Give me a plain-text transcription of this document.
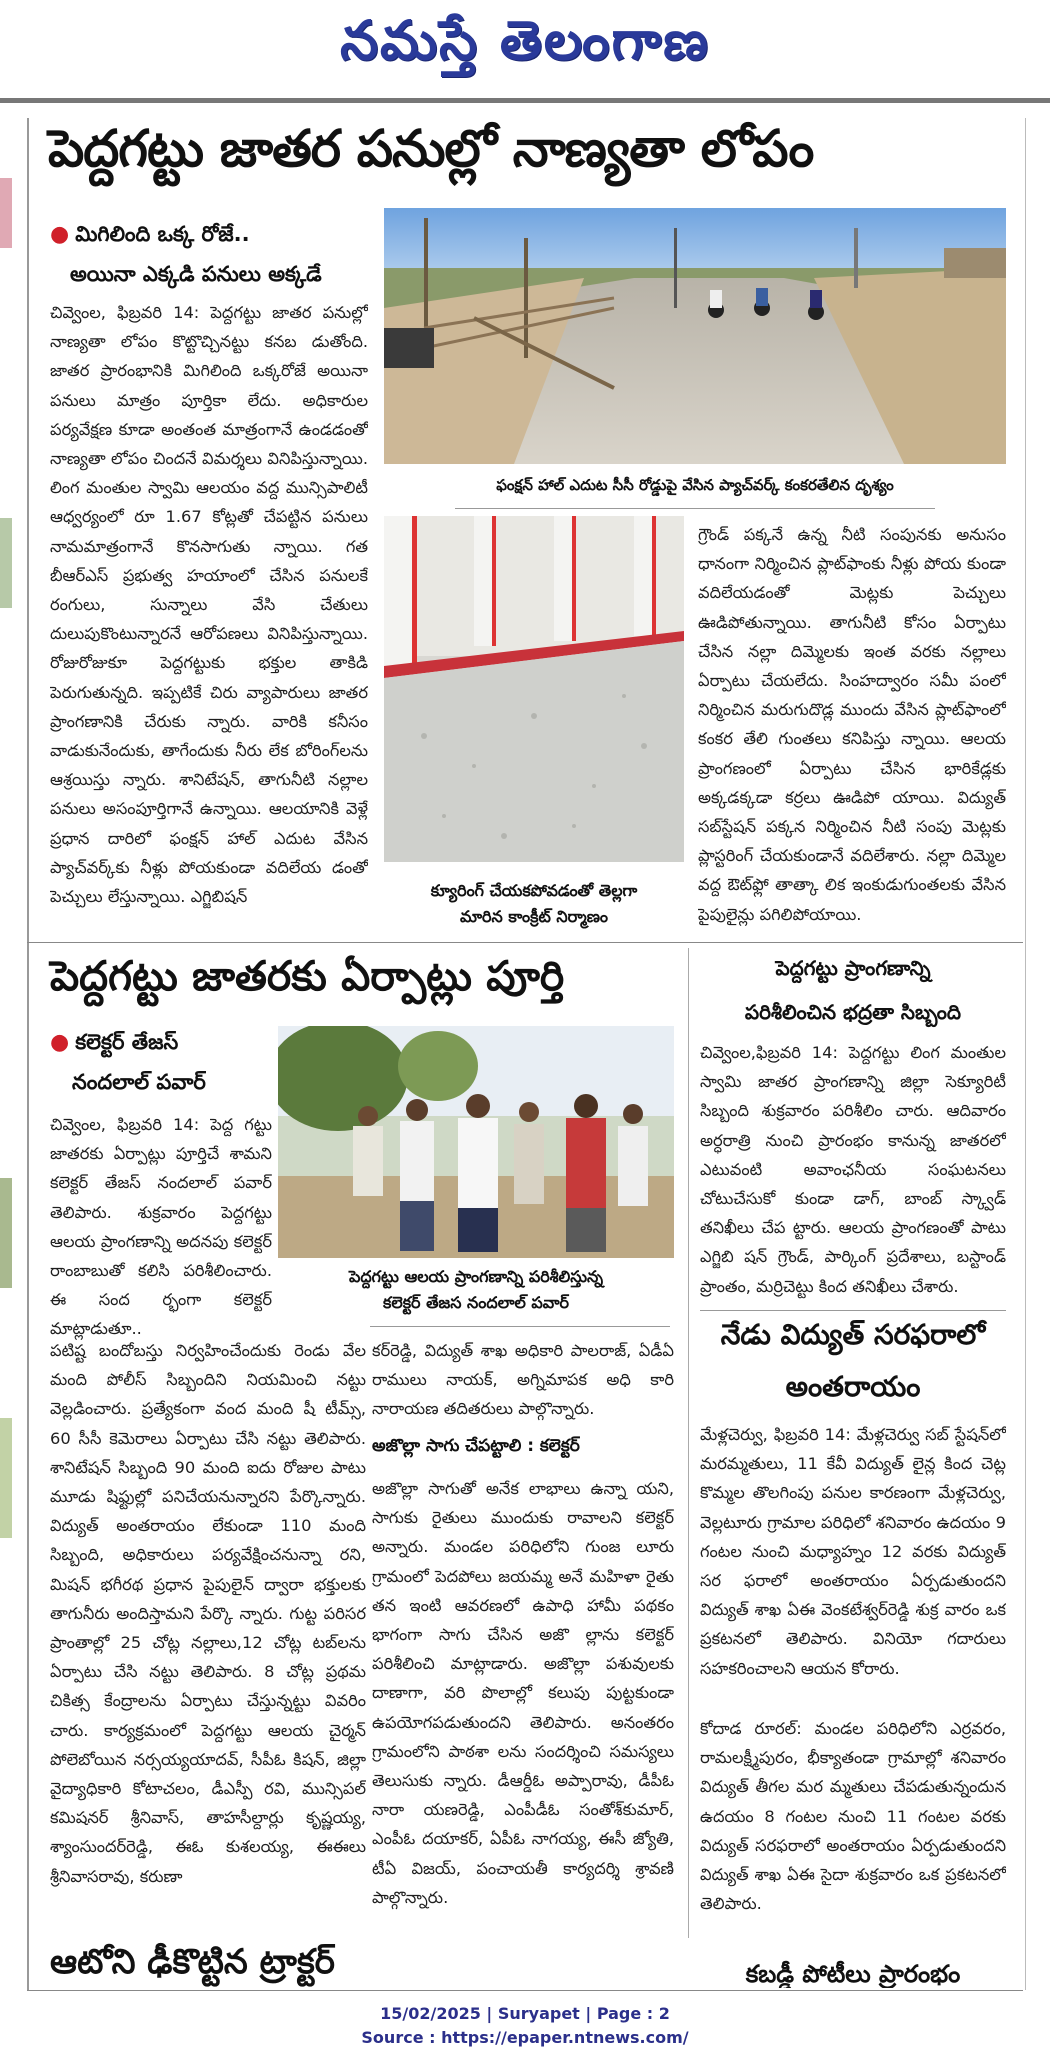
నమస్తే తెలంగాణ
పెద్దగట్టు జాతర పనుల్లో నాణ్యతా లోపం
● మిగిలింది ఒక్క రోజే..
అయినా ఎక్కడి పనులు అక్కడే
చివ్వెంల, ఫిబ్రవరి 14: పెద్దగట్టు జాతర పనుల్లో నాణ్యతా లోపం కొట్టొచ్చినట్టు కనబ డుతోంది. జాతర ప్రారంభానికి మిగిలింది ఒక్కరోజే అయినా పనులు మాత్రం పూర్తికా లేదు. అధికారుల పర్యవేక్షణ కూడా అంతంత మాత్రంగానే ఉండడంతో నాణ్యతా లోపం చిందనే విమర్శలు వినిపిస్తున్నాయి. లింగ మంతుల స్వామి ఆలయం వద్ద మున్సిపాలిటీ ఆధ్వర్యంలో రూ 1.67 కోట్లతో చేపట్టిన పనులు నామమాత్రంగానే కొనసాగుతు న్నాయి. గత బీఆర్ఎస్ ప్రభుత్వ హయాంలో చేసిన పనులకే రంగులు, సున్నాలు వేసి చేతులు దులుపుకొంటున్నారనే ఆరోపణలు వినిపిస్తున్నాయి. రోజురోజుకూ పెద్దగట్టుకు భక్తుల తాకిడి పెరుగుతున్నది. ఇప్పటికే చిరు వ్యాపారులు జాతర ప్రాంగణానికి చేరుకు న్నారు. వారికి కనీసం వాడుకునేందుకు, తాగేందుకు నీరు లేక బోరింగ్‌లను ఆశ్రయిస్తు న్నారు. శానిటేషన్, తాగునీటి నల్లాల పనులు అసంపూర్తిగానే ఉన్నాయి. ఆలయానికి వెళ్లే ప్రధాన దారిలో ఫంక్షన్ హాల్ ఎదుట వేసిన ప్యాచ్‌వర్క్‌కు నీళ్లు పోయకుండా వదిలేయ డంతో పెచ్చులు లేస్తున్నాయి. ఎగ్జిబిషన్
ఫంక్షన్ హాల్ ఎదుట సీసీ రోడ్డుపై వేసిన ప్యాచ్‌వర్క్ కంకరతేలిన దృశ్యం
క్యూరింగ్ చేయకపోవడంతో తెల్లగా
మారిన కాంక్రీట్ నిర్మాణం
గ్రౌండ్ పక్కనే ఉన్న నీటి సంపునకు అనుసం ధానంగా నిర్మించిన ప్లాట్‌ఫాంకు నీళ్లు పోయ కుండా వదిలేయడంతో మెట్లకు పెచ్చులు ఊడిపోతున్నాయి. తాగునీటి కోసం ఏర్పాటు చేసిన నల్లా దిమ్మెలకు ఇంత వరకు నల్లాలు ఏర్పాటు చేయలేదు. సింహద్వారం సమీ పంలో నిర్మించిన మరుగుదొడ్ల ముందు వేసిన ప్లాట్‌ఫాంలో కంకర తేలి గుంతలు కనిపిస్తు న్నాయి. ఆలయ ప్రాంగణంలో ఏర్పాటు చేసిన భారికేడ్లకు అక్కడక్కడా కర్రలు ఊడిపో యాయి. విద్యుత్ సబ్‌స్టేషన్ పక్కన నిర్మించిన నీటి సంపు మెట్లకు ప్లాస్టరింగ్ చేయకుండానే వదిలేశారు. నల్లా దిమ్మెల వద్ద ఔట్‌ఫ్లో తాత్కా లిక ఇంకుడుగుంతలకు వేసిన పైపులైన్లు పగిలిపోయాయి.
పెద్దగట్టు జాతరకు ఏర్పాట్లు పూర్తి
● కలెక్టర్ తేజస్
నందలాల్ పవార్
చివ్వెంల, ఫిబ్రవరి 14: పెద్ద గట్టు జాతరకు ఏర్పాట్లు పూర్తిచే శామని కలెక్టర్ తేజస్ నందలాల్ పవార్ తెలిపారు. శుక్రవారం పెద్దగట్టు ఆలయ ప్రాంగణాన్ని అదనపు కలెక్టర్ రాంబాబుతో కలిసి పరిశీలించారు. ఈ సంద ర్భంగా కలెక్టర్ మాట్లాడుతూ..
పెద్దగట్టు ఆలయ ప్రాంగణాన్ని పరిశీలిస్తున్న
కలెక్టర్ తేజస నందలాల్ పవార్
పటిష్ట బందోబస్తు నిర్వహించేందుకు రెండు వేల మంది పోలీస్ సిబ్బందిని నియమించి నట్టు వెల్లడించారు. ప్రత్యేకంగా వంద మంది షీ టీమ్స్, 60 సీసీ కెమెరాలు ఏర్పాటు చేసి నట్టు తెలిపారు. శానిటేషన్ సిబ్బంది 90 మంది ఐదు రోజుల పాటు మూడు షిఫ్టుల్లో పనిచేయనున్నారని పేర్కొన్నారు. విద్యుత్ అంతరాయం లేకుండా 110 మంది సిబ్బంది, అధికారులు పర్యవేక్షించనున్నా రని, మిషన్ భగీరథ ప్రధాన పైపులైన్ ద్వారా భక్తులకు తాగునీరు అందిస్తామని పేర్కొ న్నారు. గుట్ట పరిసర ప్రాంతాల్లో 25 చోట్ల నల్లాలు,12 చోట్ల టబ్‌లను ఏర్పాటు చేసి నట్టు తెలిపారు. 8 చోట్ల ప్రథమ చికిత్స కేంద్రాలను ఏర్పాటు చేస్తున్నట్టు వివరిం చారు. కార్యక్రమంలో పెద్దగట్టు ఆలయ చైర్మన్ పోలెబోయిన నర్సయ్యయాదవ్, సీపీఓ కిషన్, జిల్లా వైద్యాధికారి కోటాచలం, డీఎస్పీ రవి, మున్సిపల్ కమిషనర్ శ్రీనివాస్, తాహసీల్దార్లు కృష్ణయ్య, శ్యాంసుందర్‌రెడ్డి, ఈఓ కుశలయ్య, ఈఈలు శ్రీనివాసరావు, కరుణా
కర్‌రెడ్డి, విద్యుత్ శాఖ అధికారి పాలరాజ్, ఏడీఏ రాములు నాయక్, అగ్నిమాపక అధి కారి నారాయణ తదితరులు పాల్గొన్నారు.
అజొల్లా సాగు చేపట్టాలి : కలెక్టర్
అజొల్లా సాగుతో అనేక లాభాలు ఉన్నా యని, సాగుకు రైతులు ముందుకు రావాలని కలెక్టర్ అన్నారు. మండల పరిధిలోని గుంజ లూరు గ్రామంలో పెదపోలు జయమ్మ అనే మహిళా రైతు తన ఇంటి ఆవరణలో ఉపాధి హామీ పథకం భాగంగా సాగు చేసిన అజొ ల్లాను కలెక్టర్ పరిశీలించి మాట్లాడారు. అజొల్లా పశువులకు దాణాగా, వరి పొలాల్లో కలుపు పుట్టకుండా ఉపయోగపడుతుందని తెలిపారు. అనంతరం గ్రామంలోని పాఠశా లను సందర్శించి సమస్యలు తెలుసుకు న్నారు. డీఆర్డీఓ అప్పారావు, డీపీఓ నారా యణరెడ్డి, ఎంపీడీఓ సంతోశ్‌కుమార్, ఎంపీఓ దయాకర్, ఏపీఓ నాగయ్య, ఈసీ జ్యోతి, టీఏ విజయ్, పంచాయతీ కార్యదర్శి శ్రావణి పాల్గొన్నారు.
పెద్దగట్టు ప్రాంగణాన్ని
పరిశీలించిన భద్రతా సిబ్బంది
చివ్వెంల,ఫిబ్రవరి 14: పెద్దగట్టు లింగ మంతుల స్వామి జాతర ప్రాంగణాన్ని జిల్లా సెక్యూరిటీ సిబ్బంది శుక్రవారం పరిశీలిం చారు. ఆదివారం అర్ధరాత్రి నుంచి ప్రారంభం కానున్న జాతరలో ఎటువంటి అవాంఛనీయ సంఘటనలు చోటుచేసుకో కుండా డాగ్, బాంబ్ స్క్వాడ్ తనిఖీలు చేప ట్టారు. ఆలయ ప్రాంగణంతో పాటు ఎగ్జిబి షన్ గ్రౌండ్, పార్కింగ్ ప్రదేశాలు, బస్టాండ్ ప్రాంతం, మర్రిచెట్టు కింద తనిఖీలు చేశారు.
నేడు విద్యుత్ సరఫరాలో
అంతరాయం
మేళ్లచెర్వు, ఫిబ్రవరి 14: మేళ్లచెర్వు సబ్ స్టేషన్‌లో మరమ్మతులు, 11 కేవీ విద్యుత్ లైన్ల కింద చెట్ల కొమ్మల తొలగింపు పనుల కారణంగా మేళ్లచెర్వు, వెల్లటూరు గ్రామాల పరిధిలో శనివారం ఉదయం 9 గంటల నుంచి మధ్యాహ్నం 12 వరకు విద్యుత్ సర ఫరాలో అంతరాయం ఏర్పడుతుందని విద్యుత్ శాఖ ఏఈ వెంకటేశ్వర్‌రెడ్డి శుక్ర వారం ఒక ప్రకటనలో తెలిపారు. వినియో గదారులు సహకరించాలని ఆయన కోరారు.
కోదాడ రూరల్: మండల పరిధిలోని ఎర్రవరం, రామలక్ష్మీపురం, భీక్యాతండా గ్రామాల్లో శనివారం విద్యుత్ తీగల మర మ్మతులు చేపడుతున్నందున ఉదయం 8 గంటల నుంచి 11 గంటల వరకు విద్యుత్ సరఫరాలో అంతరాయం ఏర్పడుతుందని విద్యుత్ శాఖ ఏఈ సైదా శుక్రవారం ఒక ప్రకటనలో తెలిపారు.
ఆటోని ఢీకొట్టిన ట్రాక్టర్	కబడ్డీ పోటీలు ప్రారంభం
15/02/2025 | Suryapet | Page : 2
Source : https://epaper.ntnews.com/
